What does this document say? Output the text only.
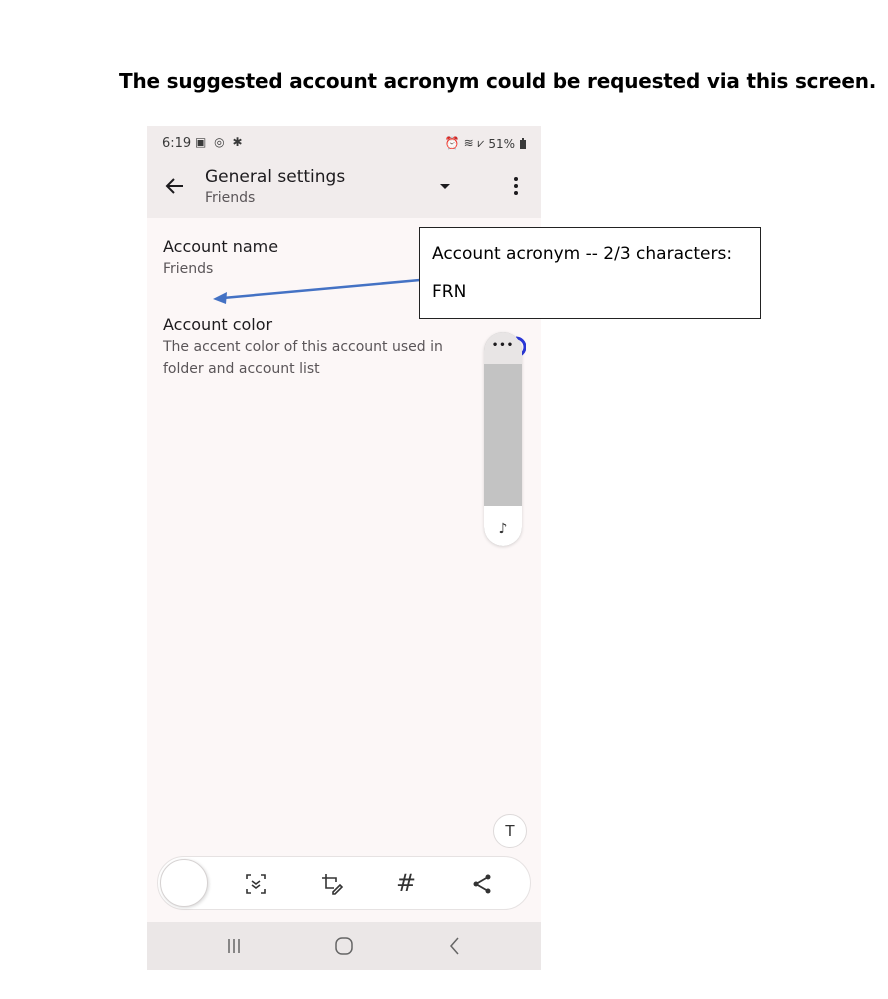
The suggested account acronym could be requested via this screen.
6:19 ▣ ◎ ✱	⏰ ≋ ⩗ 51%
General settings
Friends
Account name
Friends
Account color
The accent color of this account used in
folder and account list
•••
♪
T
#
Account acronym -- 2/3 characters:
FRN
